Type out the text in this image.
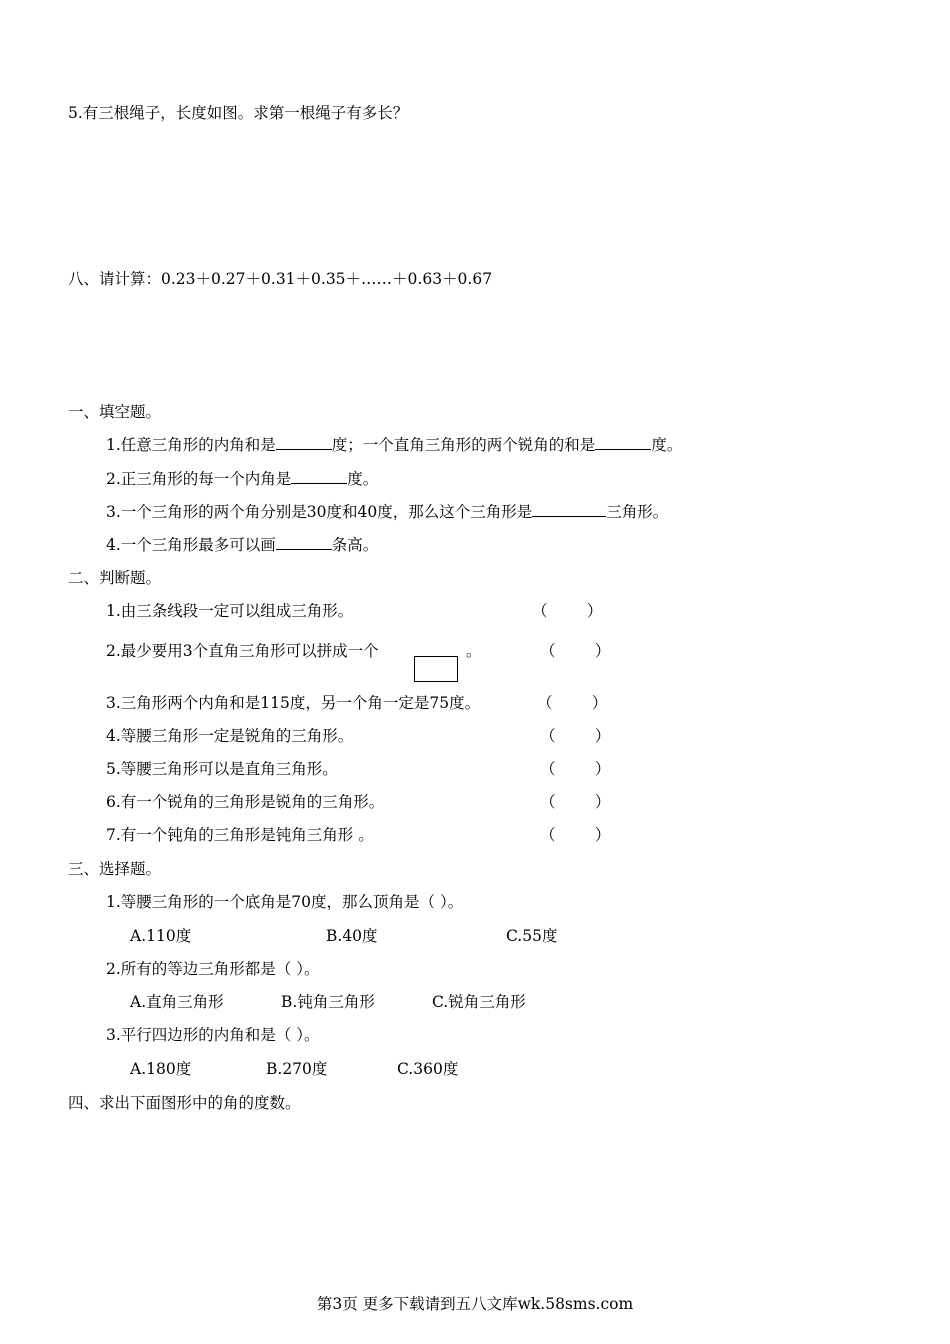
5.有三根绳子，长度如图。求第一根绳子有多长？
八、请计算：0.23＋0.27＋0.31＋0.35＋……＋0.63＋0.67
一、填空题。
1.任意三角形的内角和是	度；一个直角三角形的两个锐角的和是	度。
2.正三角形的每一个内角是	度。
3.一个三角形的两个角分别是30度和40度，那么这个三角形是	三角形。
4.一个三角形最多可以画	条高。
二、判断题。
1.由三条线段一定可以组成三角形。	（        ）
2.最少要用3个直角三角形可以拼成一个	。	（        ）
3.三角形两个内角和是115度，另一个角一定是75度。	（        ）
4.等腰三角形一定是锐角的三角形。	（        ）
5.等腰三角形可以是直角三角形。	（        ）
6.有一个锐角的三角形是锐角的三角形。	（        ）
7.有一个钝角的三角形是钝角三角形 。	（        ）
三、选择题。
1.等腰三角形的一个底角是70度，那么顶角是（ ）。
A.110度	B.40度	C.55度
2.所有的等边三角形都是（ ）。
A.直角三角形	B.钝角三角形	C.锐角三角形
3.平行四边形的内角和是（ ）。
A.180度	B.270度	C.360度
四、求出下面图形中的角的度数。
第3页 更多下载请到五八文库wk.58sms.com
